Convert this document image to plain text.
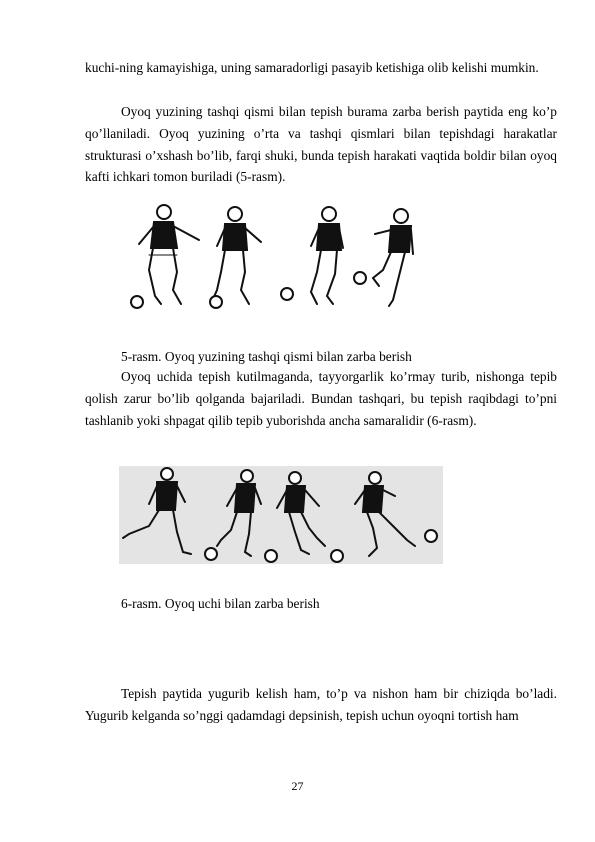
kuchi-ning kamayishiga, uning samaradorligi pasayib ketishiga olib kelishi mumkin.

Oyoq yuzining tashqi qismi bilan tepish burama zarba berish paytida eng ko’p qo’llaniladi. Oyoq yuzining o’rta va tashqi qismlari bilan tepishdagi harakatlar strukturasi o’xshash bo’lib, farqi shuki, bunda tepish harakati vaqtida boldir bilan oyoq kafti ichkari tomon buriladi (5-rasm).

5-rasm. Oyoq yuzining tashqi qismi bilan zarba berish

Oyoq uchida tepish kutilmaganda, tayyorgarlik ko’rmay turib, nishonga tepib qolish zarur bo’lib qolganda bajariladi. Bundan tashqari, bu tepish raqibdagi to’pni tashlanib yoki shpagat qilib tepib yuborishda ancha samaralidir (6-rasm).

6-rasm. Oyoq uchi bilan zarba berish

Tepish paytida yugurib kelish ham, to’p va nishon ham bir chiziqda bo’ladi. Yugurib kelganda so’nggi qadamdagi depsinish, tepish uchun oyoqni tortish ham

27
